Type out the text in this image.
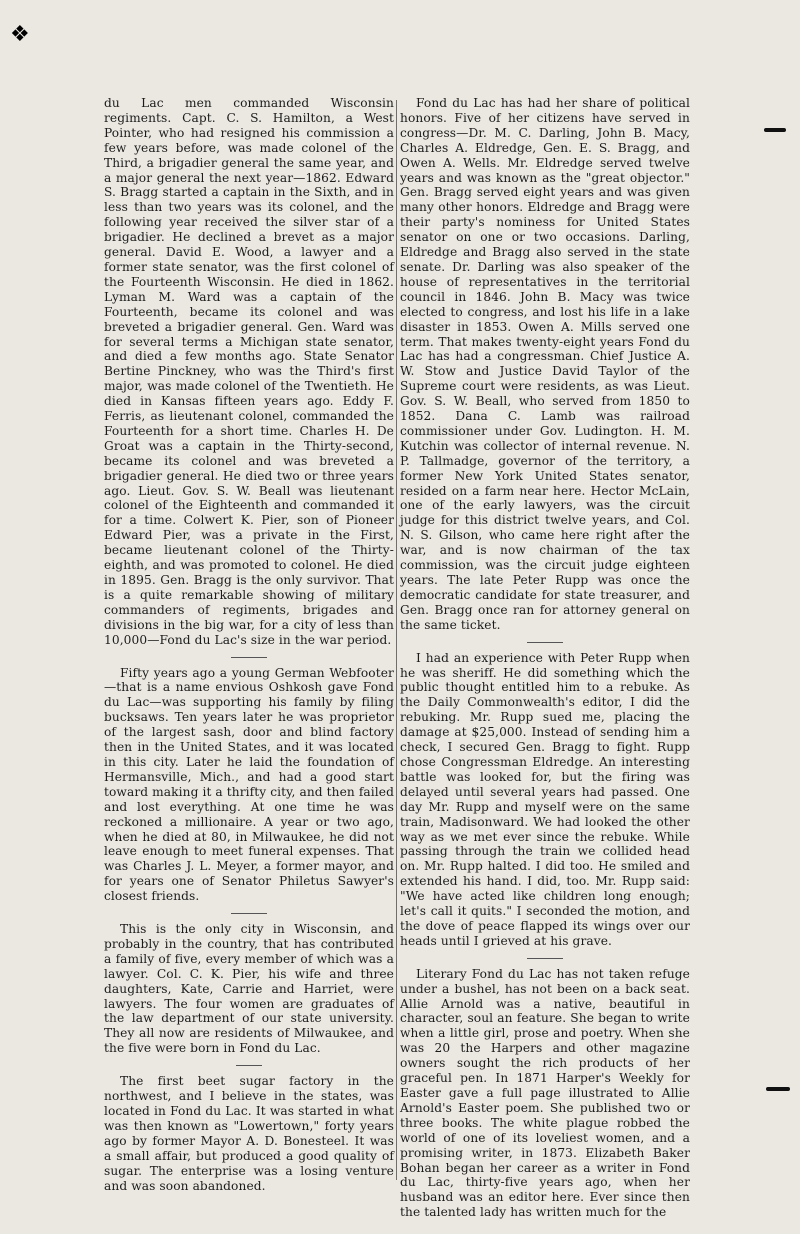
❖

du Lac men commanded Wisconsin regiments. Capt. C. S. Hamilton, a West Pointer, who had resigned his commission a few years before, was made colonel of the Third, a brigadier general the same year, and a major general the next year—1862. Edward S. Bragg started a captain in the Sixth, and in less than two years was its colonel, and the following year received the silver star of a brigadier. He declined a brevet as a major general. David E. Wood, a lawyer and a former state senator, was the first colonel of the Fourteenth Wisconsin. He died in 1862. Lyman M. Ward was a captain of the Fourteenth, became its colonel and was breveted a brigadier general. Gen. Ward was for several terms a Michigan state senator, and died a few months ago. State Senator Bertine Pinckney, who was the Third's first major, was made colonel of the Twentieth. He died in Kansas fifteen years ago. Eddy F. Ferris, as lieutenant colonel, commanded the Fourteenth for a short time. Charles H. De Groat was a captain in the Thirty-second, became its colonel and was breveted a brigadier general. He died two or three years ago. Lieut. Gov. S. W. Beall was lieutenant colonel of the Eighteenth and commanded it for a time. Colwert K. Pier, son of Pioneer Edward Pier, was a private in the First, became lieutenant colonel of the Thirty-eighth, and was promoted to colonel. He died in 1895. Gen. Bragg is the only survivor. That is a quite remarkable showing of military commanders of regiments, brigades and divisions in the big war, for a city of less than 10,000—Fond du Lac's size in the war period.

Fifty years ago a young German Webfooter—that is a name envious Oshkosh gave Fond du Lac—was supporting his family by filing bucksaws. Ten years later he was proprietor of the largest sash, door and blind factory then in the United States, and it was located in this city. Later he laid the foundation of Hermansville, Mich., and had a good start toward making it a thrifty city, and then failed and lost everything. At one time he was reckoned a millionaire. A year or two ago, when he died at 80, in Milwaukee, he did not leave enough to meet funeral expenses. That was Charles J. L. Meyer, a former mayor, and for years one of Senator Philetus Sawyer's closest friends.

This is the only city in Wisconsin, and probably in the country, that has contributed a family of five, every member of which was a lawyer. Col. C. K. Pier, his wife and three daughters, Kate, Carrie and Harriet, were lawyers. The four women are graduates of the law department of our state university. They all now are residents of Milwaukee, and the five were born in Fond du Lac.

The first beet sugar factory in the northwest, and I believe in the states, was located in Fond du Lac. It was started in what was then known as "Lowertown," forty years ago by former Mayor A. D. Bonesteel. It was a small affair, but produced a good quality of sugar. The enterprise was a losing venture and was soon abandoned.

Fond du Lac has had her share of political honors. Five of her citizens have served in congress—Dr. M. C. Darling, John B. Macy, Charles A. Eldredge, Gen. E. S. Bragg, and Owen A. Wells. Mr. Eldredge served twelve years and was known as the "great objector." Gen. Bragg served eight years and was given many other honors. Eldredge and Bragg were their party's nominess for United States senator on one or two occasions. Darling, Eldredge and Bragg also served in the state senate. Dr. Darling was also speaker of the house of representatives in the territorial council in 1846. John B. Macy was twice elected to congress, and lost his life in a lake disaster in 1853. Owen A. Mills served one term. That makes twenty-eight years Fond du Lac has had a congressman. Chief Justice A. W. Stow and Justice David Taylor of the Supreme court were residents, as was Lieut. Gov. S. W. Beall, who served from 1850 to 1852. Dana C. Lamb was railroad commissioner under Gov. Ludington. H. M. Kutchin was collector of internal revenue. N. P. Tallmadge, governor of the territory, a former New York United States senator, resided on a farm near here. Hector McLain, one of the early lawyers, was the circuit judge for this district twelve years, and Col. N. S. Gilson, who came here right after the war, and is now chairman of the tax commission, was the circuit judge eighteen years. The late Peter Rupp was once the democratic candidate for state treasurer, and Gen. Bragg once ran for attorney general on the same ticket.

I had an experience with Peter Rupp when he was sheriff. He did something which the public thought entitled him to a rebuke. As the Daily Commonwealth's editor, I did the rebuking. Mr. Rupp sued me, placing the damage at $25,000. Instead of sending him a check, I secured Gen. Bragg to fight. Rupp chose Congressman Eldredge. An interesting battle was looked for, but the firing was delayed until several years had passed. One day Mr. Rupp and myself were on the same train, Madisonward. We had looked the other way as we met ever since the rebuke. While passing through the train we collided head on. Mr. Rupp halted. I did too. He smiled and extended his hand. I did, too. Mr. Rupp said: "We have acted like children long enough; let's call it quits." I seconded the motion, and the dove of peace flapped its wings over our heads until I grieved at his grave.

Literary Fond du Lac has not taken refuge under a bushel, has not been on a back seat. Allie Arnold was a native, beautiful in character, soul an feature. She began to write when a little girl, prose and poetry. When she was 20 the Harpers and other magazine owners sought the rich products of her graceful pen. In 1871 Harper's Weekly for Easter gave a full page illustrated to Allie Arnold's Easter poem. She published two or three books. The white plague robbed the world of one of its loveliest women, and a promising writer, in 1873. Elizabeth Baker Bohan began her career as a writer in Fond du Lac, thirty-five years ago, when her husband was an editor here. Ever since then the talented lady has written much for the
